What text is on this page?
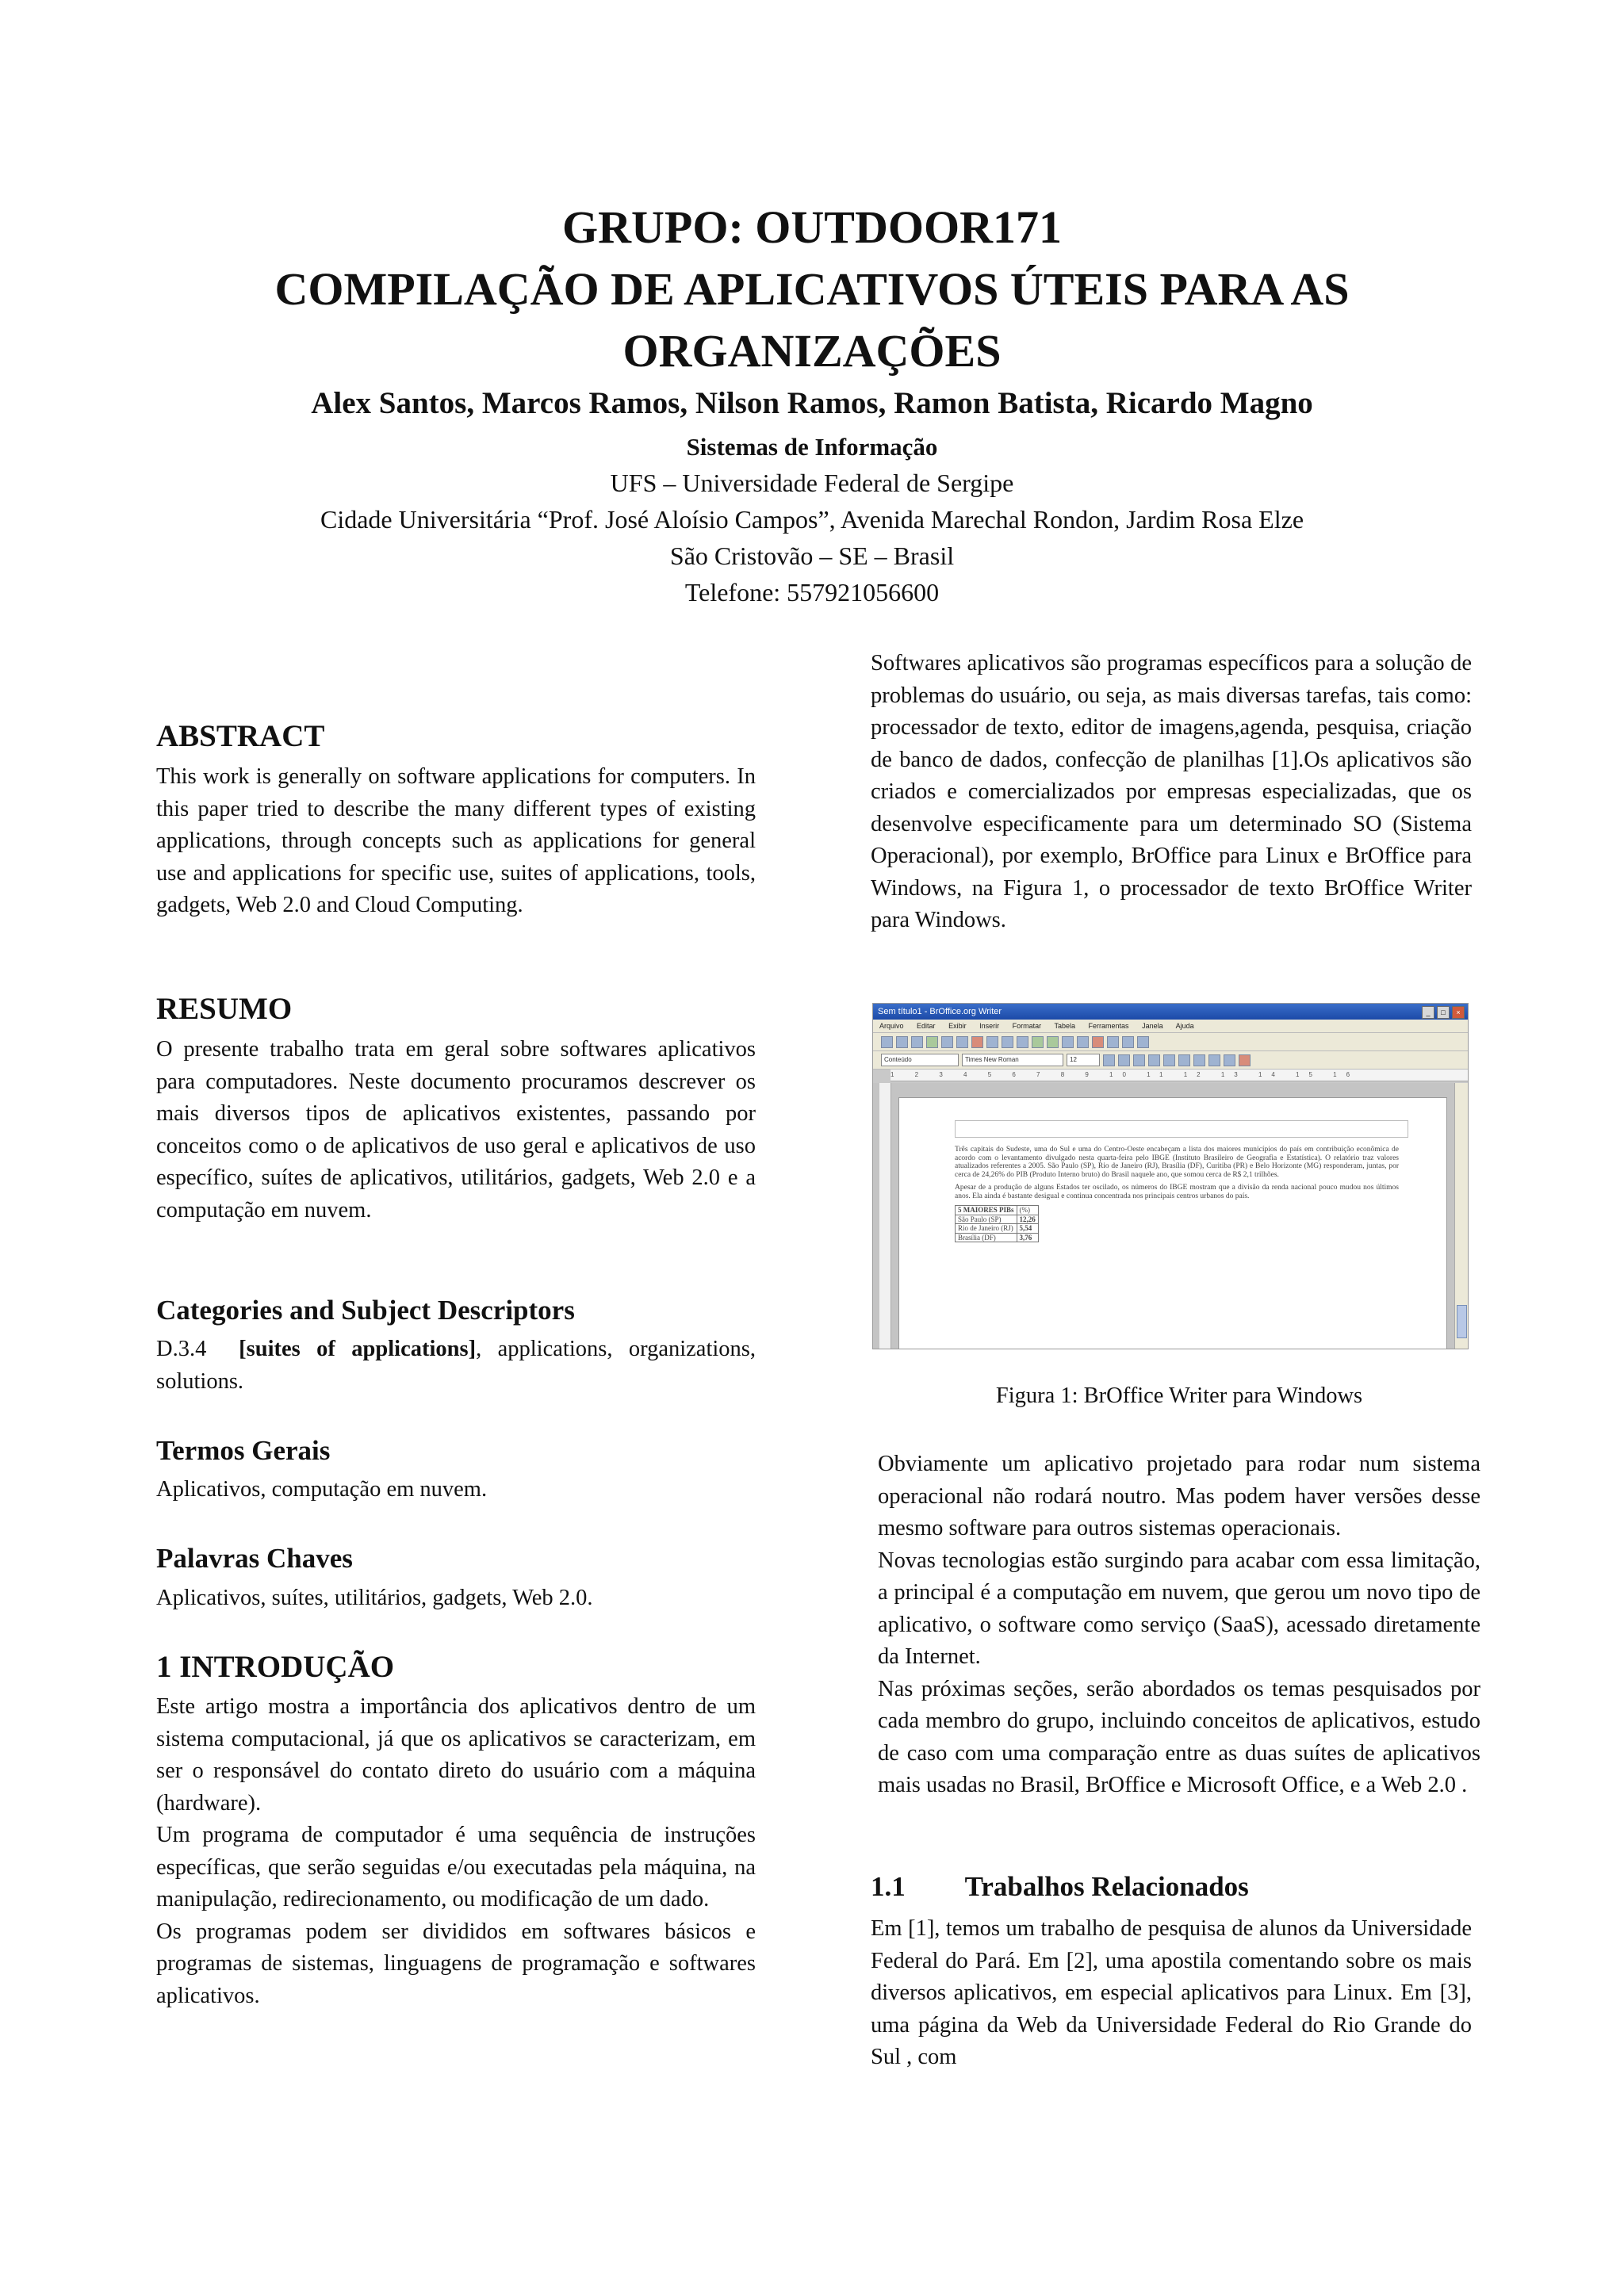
GRUPO: OUTDOOR171
COMPILAÇÃO DE APLICATIVOS ÚTEIS PARA AS
ORGANIZAÇÕES
Alex Santos, Marcos Ramos, Nilson Ramos, Ramon Batista, Ricardo Magno
Sistemas de Informação
UFS – Universidade Federal de Sergipe
Cidade Universitária “Prof. José Aloísio Campos”, Avenida Marechal Rondon, Jardim Rosa Elze
São Cristovão – SE – Brasil
Telefone: 557921056600
ABSTRACT
This work is generally on software applications for computers. In this paper tried to describe the many different types of existing applications, through concepts such as applications for general use and applications for specific use, suites of applications, tools, gadgets, Web 2.0 and Cloud Computing.
RESUMO
O presente trabalho trata em geral sobre softwares aplicativos para computadores. Neste documento procuramos descrever os mais diversos tipos de aplicativos existentes, passando por conceitos como o de aplicativos de uso geral e aplicativos de uso específico, suítes de aplicativos, utilitários, gadgets, Web 2.0 e a computação em nuvem.
Categories and Subject Descriptors
D.3.4 [suites of applications], applications, organizations, solutions.
Termos Gerais
Aplicativos, computação em nuvem.
Palavras Chaves
Aplicativos, suítes, utilitários, gadgets, Web 2.0.
1 INTRODUÇÃO

Este artigo mostra a importância dos aplicativos dentro de um sistema computacional, já que os aplicativos se caracterizam, em ser o responsável do contato direto do usuário com a máquina (hardware).

Um programa de computador é uma sequência de instruções específicas, que serão seguidas e/ou executadas pela máquina, na manipulação, redirecionamento, ou modificação de um dado.

Os programas podem ser divididos em softwares básicos e programas de sistemas, linguagens de programação e softwares aplicativos.

Softwares aplicativos são programas específicos para a solução de problemas do usuário, ou seja, as mais diversas tarefas, tais como: processador de texto, editor de imagens,agenda, pesquisa, criação de banco de dados, confecção de planilhas [1].Os aplicativos são criados e comercializados por empresas especializadas, que os desenvolve especificamente para um determinado SO (Sistema Operacional), por exemplo, BrOffice para Linux e BrOffice para Windows, na Figura 1, o processador de texto BrOffice Writer para Windows.
Sem título1 - BrOffice.org Writer	_	□	×
Arquivo Editar Exibir Inserir Formatar Tabela Ferramentas Janela Ajuda
Conteúdo	Times New Roman	12
1 2 3 4 5 6 7 8 9 10 11 12 13 14 15 16

Três capitais do Sudeste, uma do Sul e uma do Centro-Oeste encabeçam a lista dos maiores municípios do país em contribuição econômica de acordo com o levantamento divulgado nesta quarta-feira pelo IBGE (Instituto Brasileiro de Geografia e Estatística). O relatório traz valores atualizados referentes a 2005. São Paulo (SP), Rio de Janeiro (RJ), Brasília (DF), Curitiba (PR) e Belo Horizonte (MG) responderam, juntas, por cerca de 24,26% do PIB (Produto Interno bruto) do Brasil naquele ano, que somou cerca de R$ 2,1 trilhões.

Apesar de a produção de alguns Estados ter oscilado, os números do IBGE mostram que a divisão da renda nacional pouco mudou nos últimos anos. Ela ainda é bastante desigual e continua concentrada nos principais centros urbanos do país.

5 MAIORES PIBs	(%)
São Paulo (SP)	12,26
Rio de Janeiro (RJ)	5,54
Brasília (DF)	3,76
Figura 1: BrOffice Writer para Windows

Obviamente um aplicativo projetado para rodar num sistema operacional não rodará noutro. Mas podem haver versões desse mesmo software para outros sistemas operacionais.

Novas tecnologias estão surgindo para acabar com essa limitação, a principal é a computação em nuvem, que gerou um novo tipo de aplicativo, o software como serviço (SaaS), acessado diretamente da Internet.

Nas próximas seções, serão abordados os temas pesquisados por cada membro do grupo, incluindo conceitos de aplicativos, estudo de caso com uma comparação entre as duas suítes de aplicativos mais usadas no Brasil, BrOffice e Microsoft Office, e a Web 2.0 .

1.1 Trabalhos Relacionados
Em [1], temos um trabalho de pesquisa de alunos da Universidade Federal do Pará. Em [2], uma apostila comentando sobre os mais diversos aplicativos, em especial aplicativos para Linux. Em [3], uma página da Web da Universidade Federal do Rio Grande do Sul , com
